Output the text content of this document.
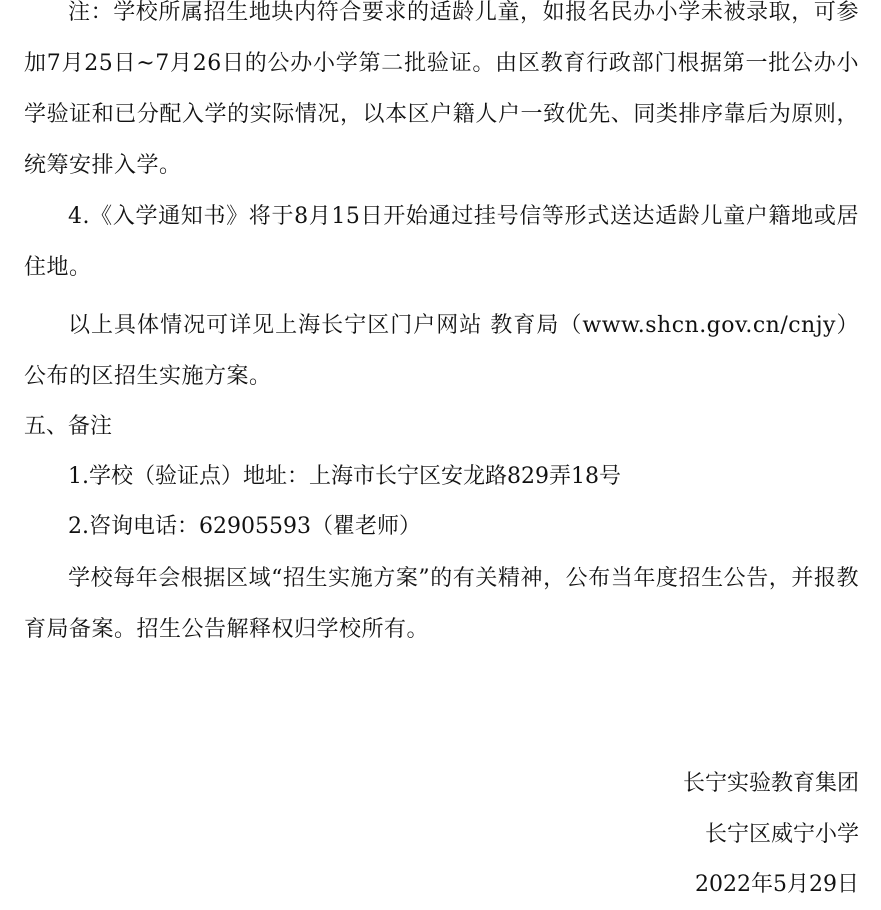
注：学校所属招生地块内符合要求的适龄儿童，如报名民办小学未被录取，可参加7月25日~7月26日的公办小学第二批验证。由区教育行政部门根据第一批公办小学验证和已分配入学的实际情况，以本区户籍人户一致优先、同类排序靠后为原则，统筹安排入学。

4.《入学通知书》将于8月15日开始通过挂号信等形式送达适龄儿童户籍地或居住地。

以上具体情况可详见上海长宁区门户网站 教育局（www.shcn.gov.cn/cnjy）公布的区招生实施方案。

五、备注
1.学校（验证点）地址：上海市长宁区安龙路829弄18号
2.咨询电话：62905593（瞿老师）

学校每年会根据区域“招生实施方案”的有关精神，公布当年度招生公告，并报教育局备案。招生公告解释权归学校所有。

长宁实验教育集团
长宁区威宁小学
2022年5月29日
